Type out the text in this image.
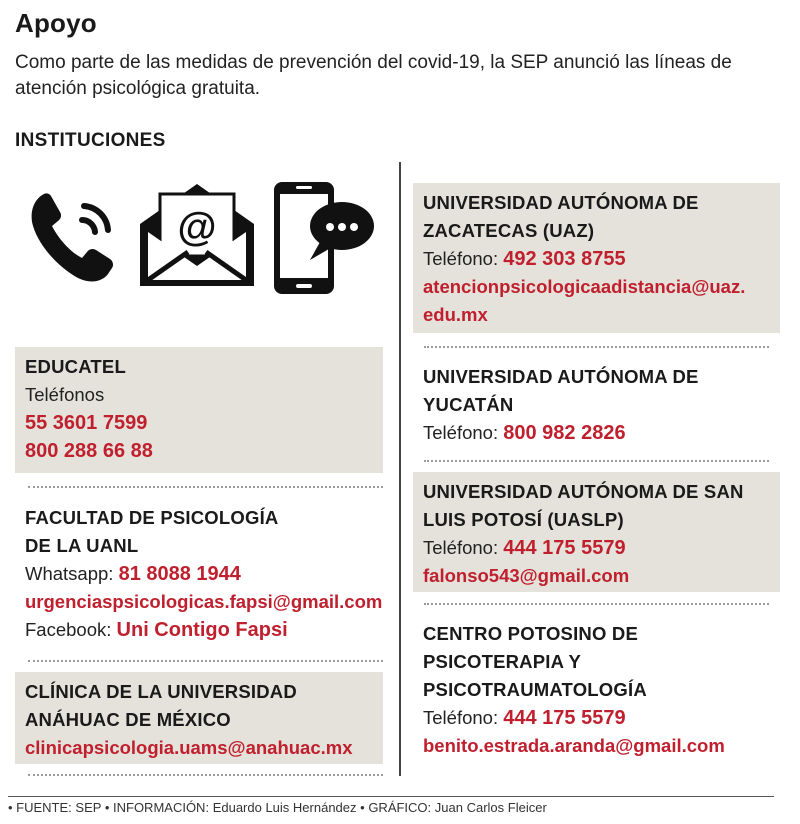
Apoyo
Como parte de las medidas de prevención del covid-19, la SEP anunció las líneas de atención psicológica gratuita.
INSTITUCIONES
@
EDUCATEL
Teléfonos
55 3601 7599
800 288 66 88
FACULTAD DE PSICOLOGÍA
DE LA UANL
Whatsapp: 81 8088 1944
urgenciaspsicologicas.fapsi@gmail.com
Facebook: Uni Contigo Fapsi
CLÍNICA DE LA UNIVERSIDAD
ANÁHUAC DE MÉXICO
clinicapsicologia.uams@anahuac.mx
UNIVERSIDAD AUTÓNOMA DE
ZACATECAS (UAZ)
Teléfono: 492 303 8755
atencionpsicologicaadistancia@uaz.
edu.mx
UNIVERSIDAD AUTÓNOMA DE
YUCATÁN
Teléfono: 800 982 2826
UNIVERSIDAD AUTÓNOMA DE SAN
LUIS POTOSÍ (UASLP)
Teléfono: 444 175 5579
falonso543@gmail.com
CENTRO POTOSINO DE
PSICOTERAPIA Y
PSICOTRAUMATOLOGÍA
Teléfono: 444 175 5579
benito.estrada.aranda@gmail.com
• FUENTE: SEP • INFORMACIÓN: Eduardo Luis Hernández • GRÁFICO: Juan Carlos Fleicer
